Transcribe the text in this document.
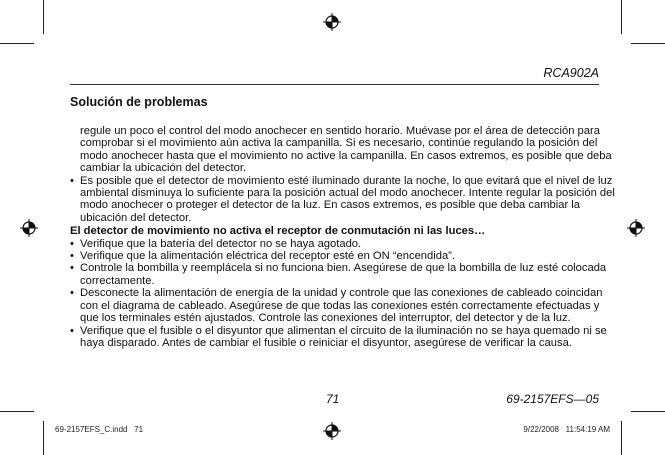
RCA902A
Solución de problemas

regule un poco el control del modo anochecer en sentido horario. Muévase por el área de detección para comprobar si el movimiento aún activa la campanilla. Si es necesario, continúe regulando la posición del modo anochecer hasta que el movimiento no active la campanilla. En casos extremos, es posible que deba cambiar la ubicación del detector.

• Es posible que el detector de movimiento esté iluminado durante la noche, lo que evitará que el nivel de luz ambiental disminuya lo suficiente para la posición actual del modo anochecer. Intente regular la posición del modo anochecer o proteger el detector de la luz. En casos extremos, es posible que deba cambiar la ubicación del detector.

El detector de movimiento no activa el receptor de conmutación ni las luces…

• Verifique que la batería del detector no se haya agotado.
• Verifique que la alimentación eléctrica del receptor esté en ON “encendida”.
• Controle la bombilla y reemplácela si no funciona bien. Asegúrese de que la bombilla de luz esté colocada correctamente.
• Desconecte la alimentación de energía de la unidad y controle que las conexiones de cableado coincidan con el diagrama de cableado. Asegúrese de que todas las conexiones estén correctamente efectuadas y que los terminales estén ajustados. Controle las conexiones del interruptor, del detector y de la luz.
• Verifique que el fusible o el disyuntor que alimentan el circuito de la iluminación no se haya quemado ni se haya disparado. Antes de cambiar el fusible o reiniciar el disyuntor, asegúrese de verificar la causa.
71	69-2157EFS—05
69-2157EFS_C.indd   71	9/22/2008   11:54:19 AM
